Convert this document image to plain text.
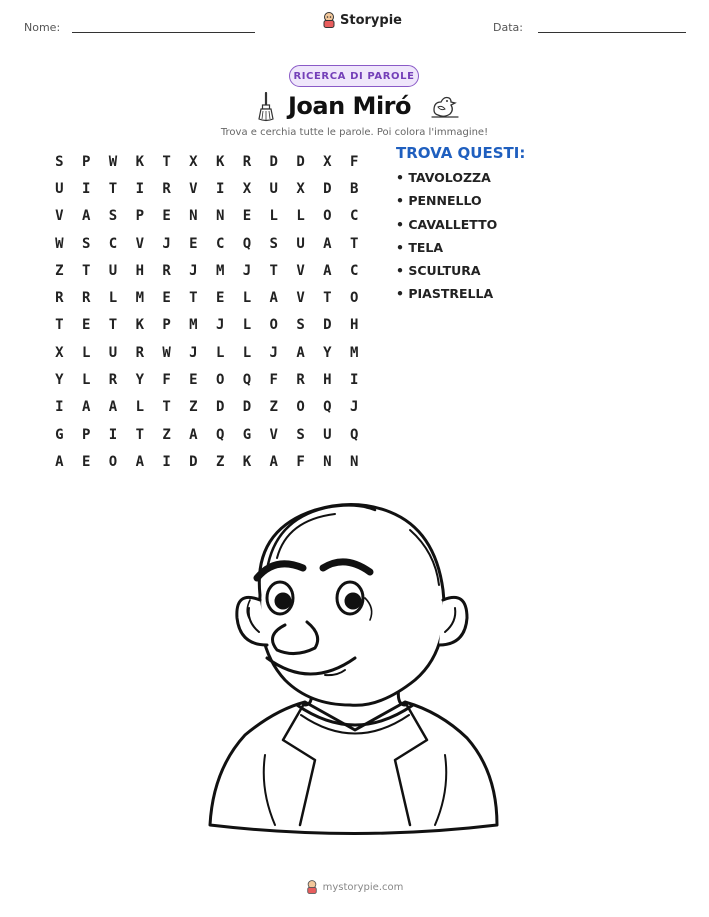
Nome:	Storypie	Data:
RICERCA DI PAROLE
Joan Miró
Trova e cerchia tutte le parole. Poi colora l'immagine!
S	P	W	K	T	X	K	R	D	D	X	F
U	I	T	I	R	V	I	X	U	X	D	B
V	A	S	P	E	N	N	E	L	L	O	C
W	S	C	V	J	E	C	Q	S	U	A	T
Z	T	U	H	R	J	M	J	T	V	A	C
R	R	L	M	E	T	E	L	A	V	T	O
T	E	T	K	P	M	J	L	O	S	D	H
X	L	U	R	W	J	L	L	J	A	Y	M
Y	L	R	Y	F	E	O	Q	F	R	H	I
I	A	A	L	T	Z	D	D	Z	O	Q	J
G	P	I	T	Z	A	Q	G	V	S	U	Q
A	E	O	A	I	D	Z	K	A	F	N	N
TROVA QUESTI:
• TAVOLOZZA
• PENNELLO
• CAVALLETTO
• TELA
• SCULTURA
• PIASTRELLA
mystorypie.com
